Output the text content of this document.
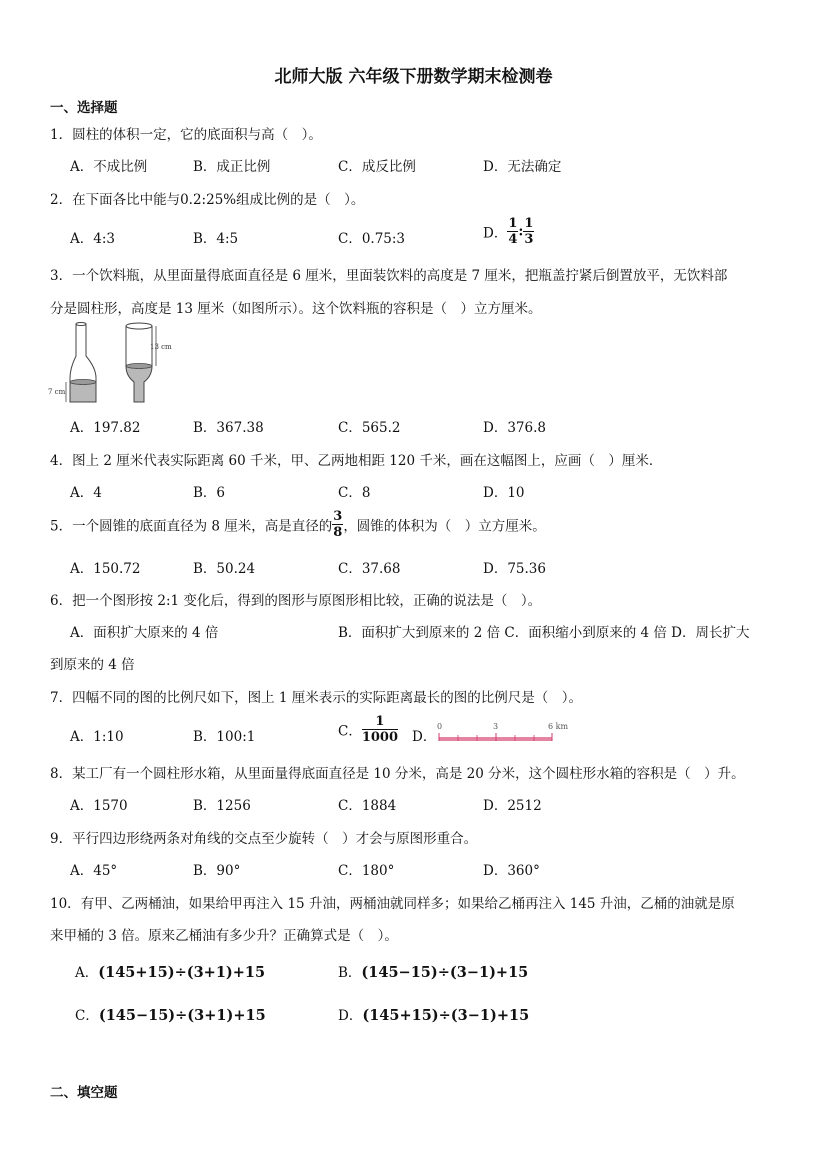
北师大版 六年级下册数学期末检测卷
一、选择题
1．圆柱的体积一定，它的底面积与高（　）。
A．不成比例	B．成正比例	C．成反比例	D．无法确定
2．在下面各比中能与0.2:25%组成比例的是（　）。
A．4:3	B．4:5	C．0.75:3	D． $\frac{1}{4}$ : $\frac{1}{3}$
3．一个饮料瓶，从里面量得底面直径是 6 厘米，里面装饮料的高度是 7 厘米，把瓶盖拧紧后倒置放平，无饮料部
分是圆柱形，高度是 13 厘米（如图所示）。这个饮料瓶的容积是（　）立方厘米。
7 cm
13 cm
A．197.82	B．367.38	C．565.2	D．376.8
4．图上 2 厘米代表实际距离 60 千米，甲、乙两地相距 120 千米，画在这幅图上，应画（　）厘米．
A．4	B．6	C．8	D．10
5．一个圆锥的底面直径为 8 厘米，高是直径的 $\frac{3}{8}$ ，圆锥的体积为（　）立方厘米。
A．150.72	B．50.24	C．37.68	D．75.36
6．把一个图形按 2:1 变化后，得到的图形与原图形相比较，正确的说法是（　）。
A．面积扩大原来的 4 倍	B．面积扩大到原来的 2 倍 C．面积缩小到原来的 4 倍 D．周长扩大
到原来的 4 倍
7．四幅不同的图的比例尺如下，图上 1 厘米表示的实际距离最长的图的比例尺是（　）。
A．1:10	B．100:1	C． $\frac{1}{1000}$ D．
0	3	6 km
8．某工厂有一个圆柱形水箱，从里面量得底面直径是 10 分米，高是 20 分米，这个圆柱形水箱的容积是（　）升。
A．1570	B．1256	C．1884	D．2512
9．平行四边形绕两条对角线的交点至少旋转（　）才会与原图形重合。
A．45°	B．90°	C．180°	D．360°
10．有甲、乙两桶油，如果给甲再注入 15 升油，两桶油就同样多；如果给乙桶再注入 145 升油，乙桶的油就是原
来甲桶的 3 倍。原来乙桶油有多少升？正确算式是（　）。
A．(145+15)÷(3+1)+15	B．(145−15)÷(3−1)+15
C．(145−15)÷(3+1)+15	D．(145+15)÷(3−1)+15
二、填空题
